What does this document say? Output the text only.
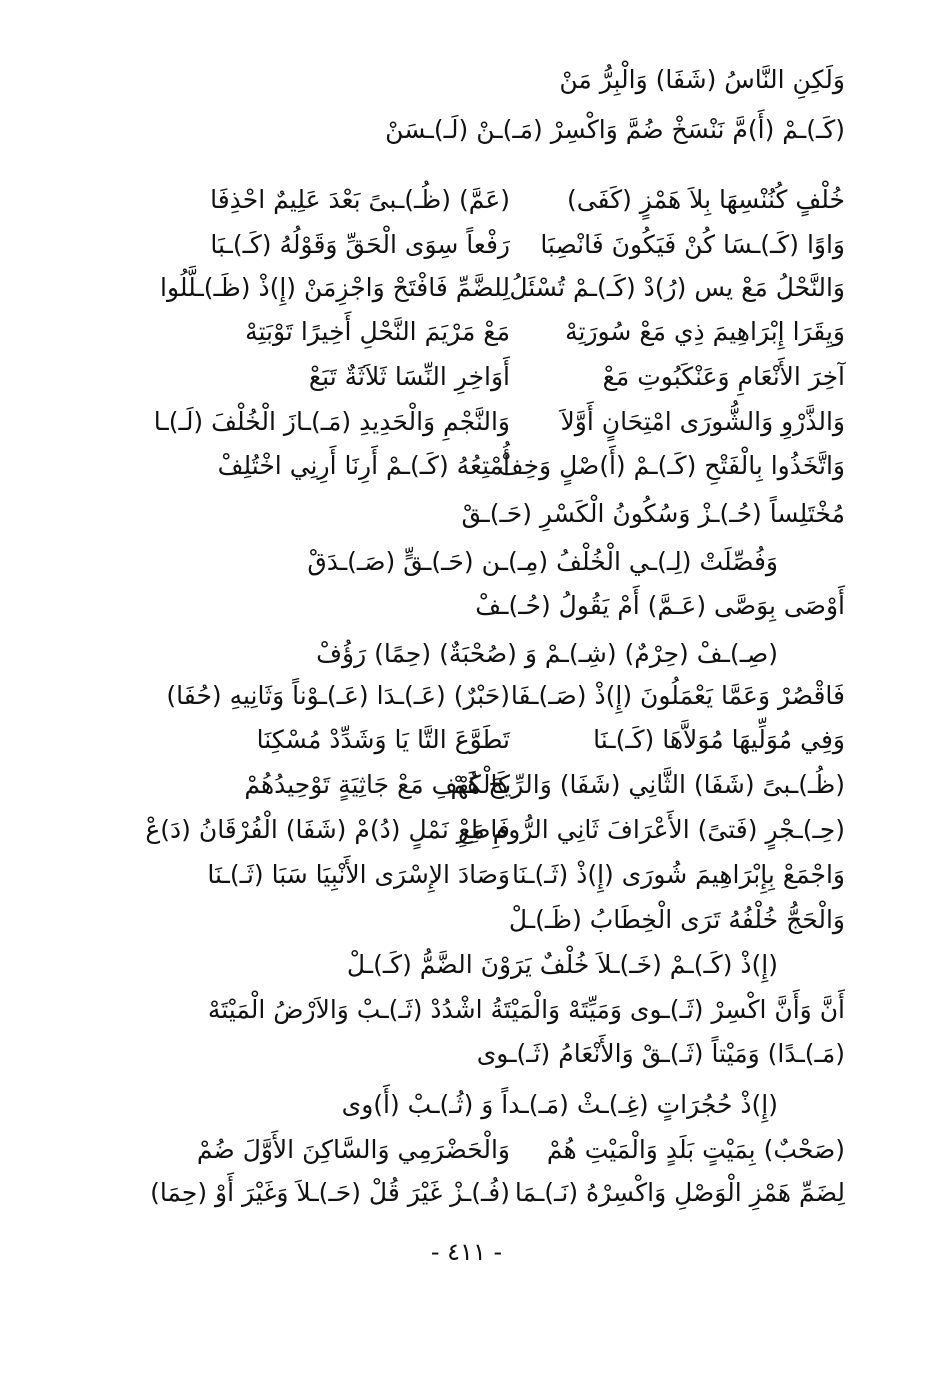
وَلَكِنِ النَّاسُ (شَفَا) وَالْبِرُّ مَنْ
(كَـ)ـمْ (أَ)مَّ نَنْسَخْ ضُمَّ وَاكْسِرْ (مَـ)ـنْ (لَـ)ـسَنْ
خُلْفٍ كُنُنْسِهَا بِلاَ هَمْزٍ (كَفَى)
(عَمَّ) (ظُـ)ـبىً بَعْدَ عَلِيمٌ احْذِفَا
وَاوًا (كَـ)ـسَا كُنْ فَيَكُونَ فَانْصِبَا
رَفْعاً سِوَى الْحَقِّ وَقَوْلُهُ (كَـ)ـبَا
وَالنَّحْلُ مَعْ يس (رُ)دْ (كَـ)ـمْ تُسْئَلُ
لِلضَّمِّ فَافْتَحْ وَاجْزِمَنْ (إِ)ذْ (ظَـ)ـلَّلُوا
وَيِقَرَا إِبْرَاهِيمَ ذِي مَعْ سُورَتِهْ
مَعْ مَرْيَمَ النَّحْلِ أَخِيرًا تَوْبَتِهْ
آخِرَ الأَنْعَامِ وَعَنْكَبُوتِ مَعْ
أَوَاخِرِ النِّسَا ثَلاَثَةٌ تَبَعْ
وَالذَّرْوِ وَالشُّورَى امْتِحَانٍ أَوَّلاَ
وَالنَّجْمِ وَالْحَدِيدِ (مَـ)ـازَ الْخُلْفَ (لَـ)ـا
وَاتَّخَذُوا بِالْفَتْحِ (كَـ)ـمْ (أَ)صْلٍ وَخِفْ
أُمْتِعُهُ (كَـ)ـمْ أَرِنَا أَرِنِي اخْتُلِفْ
مُخْتَلِساً (حُـ)ـزْ وَسُكُونُ الْكَسْرِ (حَـ)ـقْ
وَفُصِّلَتْ (لِـ)ـي الْخُلْفُ (مِـ)ـن (حَـ)ـقٍّ (صَـ)ـدَقْ
أَوْصَى بِوَصَّى (عَـمَّ) أَمْ يَقُولُ (حُـ)ـفْ
(صِـ)ـفْ (حِرْمٌ) (شِـ)ـمْ وَ (صُحْبَةٌ) (حِمًا) رَؤُفْ
فَاقْصُرْ وَعَمَّا يَعْمَلُونَ (إِ)ذْ (صَـ)ـفَا
(حَبْرٌ) (عَـ)ـدَا (عَـ)ـوْناً وَثَانِيهِ (حُفَا)
وَفِي مُوَلِّيهَا مُوَلاَّهَا (كَـ)ـنَا
تَطَوَّعَ التَّا يَا وَشَدِّدْ مُسْكِنَا
(ظُـ)ـبىً (شَفَا) الثَّانِي (شَفَا) وَالرِّيحَ هُمْ
كَالْكَهْفِ مَعْ جَاثِيَةٍ تَوْحِيدُهُمْ
(حِـ)ـجْرٍ (فَتىً) الأَعْرَافَ ثَانِي الرُّومِ مَعْ
فَاطِرِ نَمْلٍ (دُ)مْ (شَفَا) الْفُرْقَانُ (دَ)عْ
وَاجْمَعْ بِإِبْرَاهِيمَ شُورَى (إِ)ذْ (ثَـ)ـنَا
وَصَادَ الإِسْرَى الأَنْبِيَا سَبَا (ثَـ)ـنَا
وَالْحَجُّ خُلْفُهُ تَرَى الْخِطَابُ (ظَـ)ـلْ
(إِ)ذْ (كَـ)ـمْ (خَـ)ـلاَ خُلْفٌ يَرَوْنَ الضَّمُّ (كَـ)ـلْ
أَنَّ وَأَنَّ اكْسِرْ (ثَـ)ـوى وَمَيِّتَهْ وَالْمَيْتَةُ اشْدُدْ (ثَـ)ـبْ وَالاَرْضُ الْمَيْتَهْ
(مَـ)ـدًا) وَمَيْتاً (ثَـ)ـقْ وَالأَنْعَامُ (ثَـ)ـوى
(إِ)ذْ حُجُرَاتٍ (غِـ)ـثْ (مَـ)ـداً وَ (ثُـ)ـبْ (أَ)وى
(صَحْبٌ) بِمَيْتٍ بَلَدٍ وَالْمَيْتِ هُمْ
وَالْحَضْرَمِي وَالسَّاكِنَ الأَوَّلَ ضُمْ
لِضَمِّ هَمْزِ الْوَصْلِ وَاكْسِرْهُ (نَـ)ـمَا
(فُـ)ـزْ غَيْرَ قُلْ (حَـ)ـلاَ وَغَيْرَ أَوْ (حِمَا)
- ٤١١ -
